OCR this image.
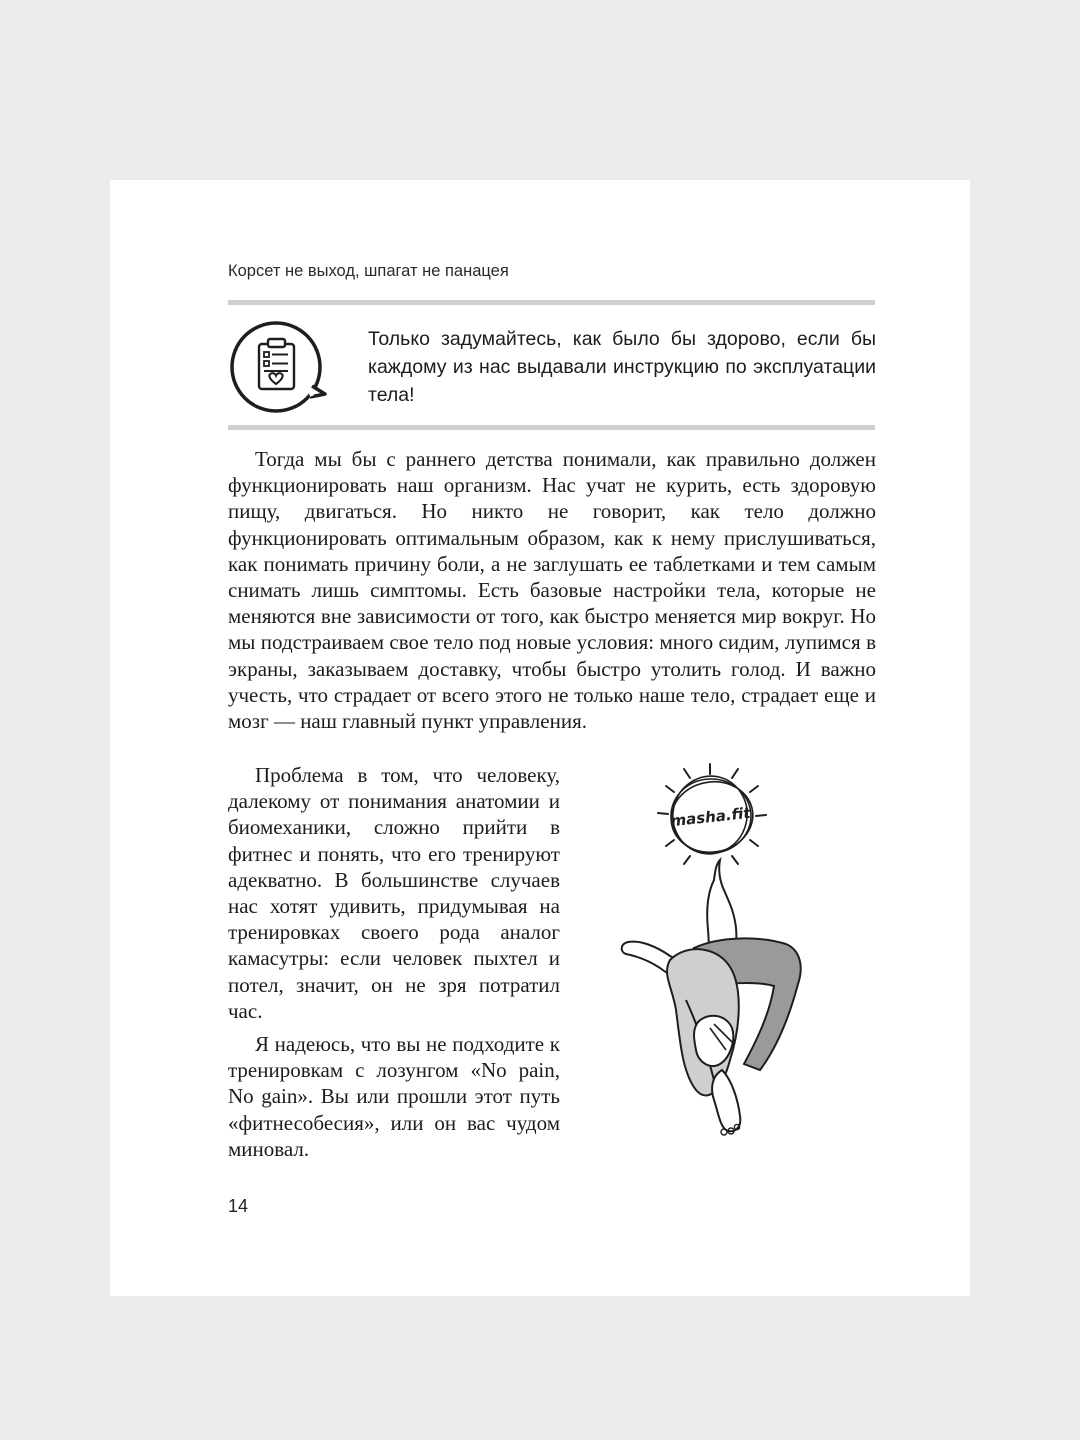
Корсет не выход, шпагат не панацея
Только задумайтесь, как было бы здорово, если бы каждому из нас выдавали инструкцию по эксплуатации тела!

Тогда мы бы с раннего детства понимали, как правильно должен функционировать наш организм. Нас учат не курить, есть здоровую пищу, двигаться. Но никто не говорит, как тело должно функционировать оптимальным образом, как к нему прислушиваться, как понимать причину боли, а не заглушать ее таблетками и тем самым снимать лишь симптомы. Есть базовые настройки тела, которые не меняются вне зависимости от того, как быстро меняется мир вокруг. Но мы подстраиваем свое тело под новые условия: много сидим, лупимся в экраны, заказываем доставку, чтобы быстро утолить голод. И важно учесть, что страдает от всего этого не только наше тело, страдает еще и мозг — наш главный пункт управления.

Проблема в том, что человеку, далекому от понимания анатомии и биомеханики, сложно прийти в фитнес и понять, что его тренируют адекватно. В большинстве случаев нас хотят удивить, придумывая на тренировках своего рода аналог камасутры: если человек пыхтел и потел, значит, он не зря потратил час.

Я надеюсь, что вы не подходите к тренировкам с лозунгом «No pain, No gain». Вы или прошли этот путь «фитнесобесия», или он вас чудом миновал.

masha.fit
14
